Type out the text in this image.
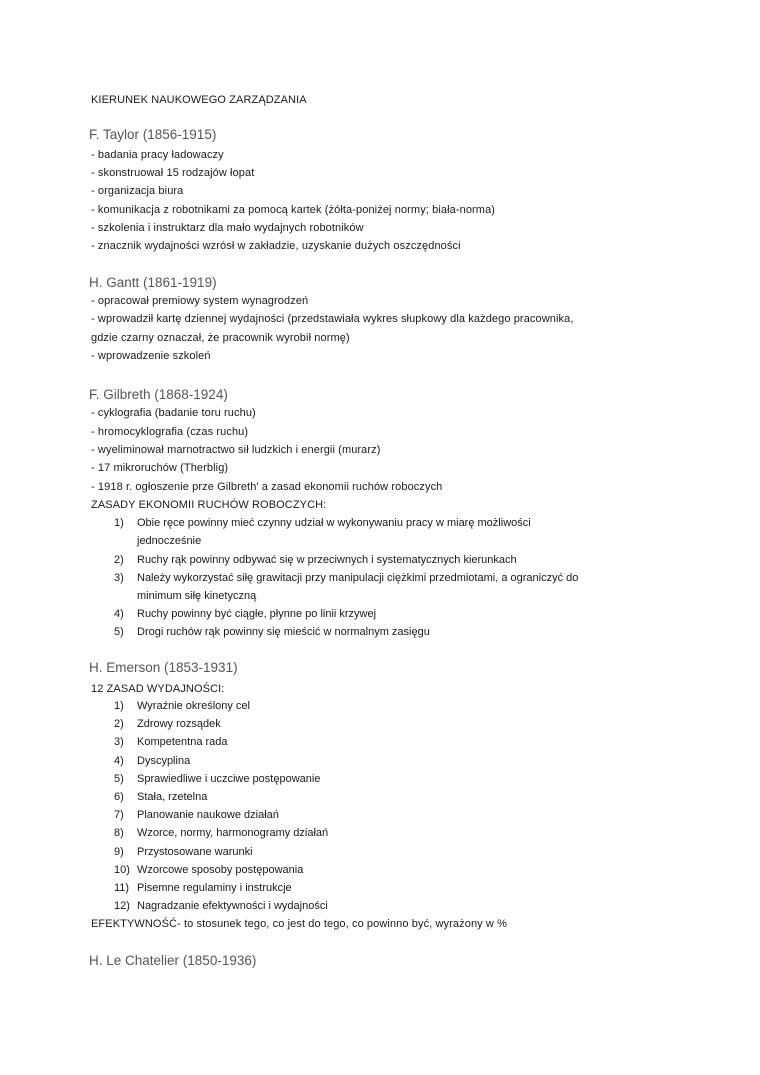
KIERUNEK NAUKOWEGO ZARZĄDZANIA
F. Taylor (1856-1915)
- badania pracy ładowaczy
- skonstruował 15 rodzajów łopat
- organizacja biura
- komunikacja z robotnikami za pomocą kartek (żółta-poniżej normy; biała-norma)
- szkolenia i instruktarz dla mało wydajnych robotników
- znacznik wydajności wzrósł w zakładzie, uzyskanie dużych oszczędności
H. Gantt (1861-1919)
- opracował premiowy system wynagrodzeń
- wprowadził kartę dziennej wydajności (przedstawiała wykres słupkowy dla każdego pracownika,
gdzie czarny oznaczał, że pracownik wyrobił normę)
- wprowadzenie szkoleń
F. Gilbreth (1868-1924)
- cyklografia (badanie toru ruchu)
- hromocyklografia (czas ruchu)
- wyeliminował marnotractwo sił ludzkich i energii (murarz)
- 17 mikroruchów (Therblig)
- 1918 r. ogłoszenie prze Gilbreth' a zasad ekonomii ruchów roboczych
ZASADY EKONOMII RUCHÓW ROBOCZYCH:
1) Obie ręce powinny mieć czynny udział w wykonywaniu pracy w miarę możliwości
jednocześnie
2) Ruchy rąk powinny odbywać się w przeciwnych i systematycznych kierunkach
3) Należy wykorzystać siłę grawitacji przy manipulacji ciężkimi przedmiotami, a ograniczyć do
minimum siłę kinetyczną
4) Ruchy powinny być ciągłe, płynne po linii krzywej
5) Drogi ruchów rąk powinny się mieścić w normalnym zasięgu
H. Emerson (1853-1931)
12 ZASAD WYDAJNOŚCI:
1) Wyraźnie określony cel
2) Zdrowy rozsądek
3) Kompetentna rada
4) Dyscyplina
5) Sprawiedliwe i uczciwe postępowanie
6) Stała, rzetelna
7) Planowanie naukowe działań
8) Wzorce, normy, harmonogramy działań
9) Przystosowane warunki
10) Wzorcowe sposoby postępowania
11) Pisemne regulaminy i instrukcje
12) Nagradzanie efektywności i wydajności
EFEKTYWNOŚĆ- to stosunek tego, co jest do tego, co powinno być, wyrażony w %
H. Le Chatelier (1850-1936)
